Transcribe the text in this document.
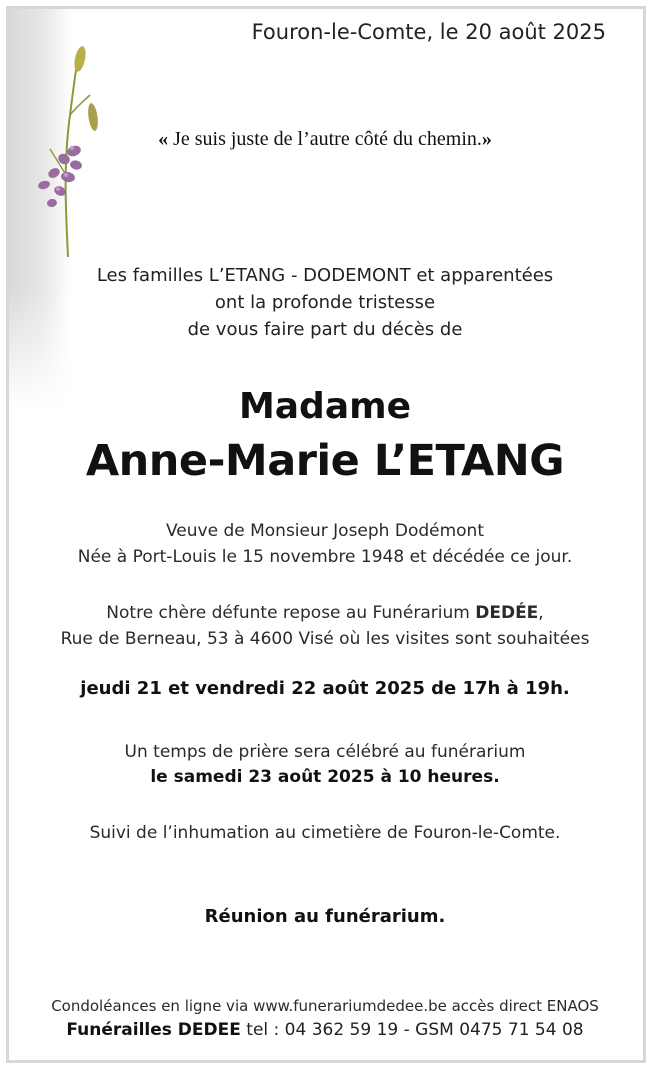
Fouron-le-Comte, le 20 août 2025
« Je suis juste de l’autre côté du chemin.»
Les familles L’ETANG - DODEMONT et apparentées
ont la profonde tristesse
de vous faire part du décès de
Madame
Anne-Marie L’ETANG
Veuve de Monsieur Joseph Dodémont
Née à Port-Louis le 15 novembre 1948 et décédée ce jour.
Notre chère défunte repose au Funérarium DEDÉE,
Rue de Berneau, 53 à 4600 Visé où les visites sont souhaitées
jeudi 21 et vendredi 22 août 2025 de 17h à 19h.
Un temps de prière sera célébré au funérarium
le samedi 23 août 2025 à 10 heures.
Suivi de l’inhumation au cimetière de Fouron-le-Comte.
Réunion au funérarium.
Condoléances en ligne via www.funerariumdedee.be accès direct ENAOS
Funérailles DEDEE tel : 04 362 59 19 - GSM 0475 71 54 08
